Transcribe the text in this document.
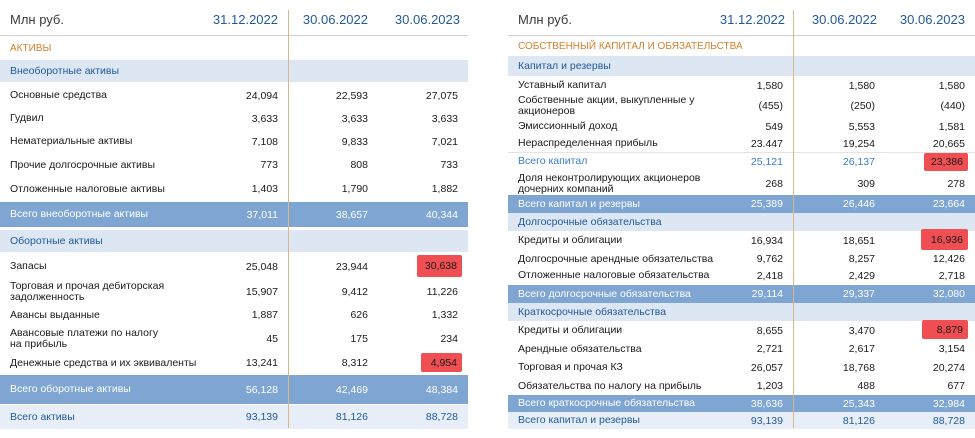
Млн руб.	31.12.2022 30.06.2022 30.06.2023
АКТИВЫ
Внеоборотные активы
Основные средства	24,094	22,593	27,075
Гудвил	3,633	3,633	3,633
Нематериальные активы	7,108	9,833	7,021
Прочие долгосрочные активы	773	808	733
Отложенные налоговые активы	1,403	1,790	1,882
Всего внеоборотные активы	37,011	38,657	40,344
Оборотные активы
Запасы	25,048	23,944	30,638
Торговая и прочая дебиторская задолженность	15,907	9,412	11,226
Авансы выданные	1,887	626	1,332
Авансовые платежи по налогу на прибыль	45	175	234
Денежные средства и их эквиваленты	13,241	8,312	4,954
Всего оборотные активы	56,128	42,469	48,384
Всего активы	93,139	81,126	88,728
Млн руб.	31.12.2022 30.06.2022 30.06.2023
СОБСТВЕННЫЙ КАПИТАЛ И ОБЯЗАТЕЛЬСТВА
Капитал и резервы
Уставный капитал	1,580	1,580	1,580
Собственные акции, выкупленные у акционеров	(455)	(250)	(440)
Эмиссионный доход	549	5,553	1,581
Нераспределенная прибыль	23.447	19,254	20,665
Всего капитал	25,121	26,137	23,386
Доля неконтролирующих акционеров дочерних компаний	268	309	278
Всего капитал и резервы	25,389	26,446	23,664
Долгосрочные обязательства
Кредиты и облигации	16,934	18,651	16,936
Долгосрочные арендные обязательства	9,762	8,257	12,426
Отложенные налоговые обязательства	2,418	2,429	2,718
Всего долгосрочные обязательства	29,114	29,337	32,080
Краткосрочные обязательства
Кредиты и облигации	8,655	3,470	8,879
Арендные обязательства	2,721	2,617	3,154
Торговая и прочая КЗ	26,057	18,768	20,274
Обязательства по налогу на прибыль	1,203	488	677
Всего краткосрочные обязательства	38,636	25,343	32,984
Всего капитал и резервы	93,139	81,126	88,728
